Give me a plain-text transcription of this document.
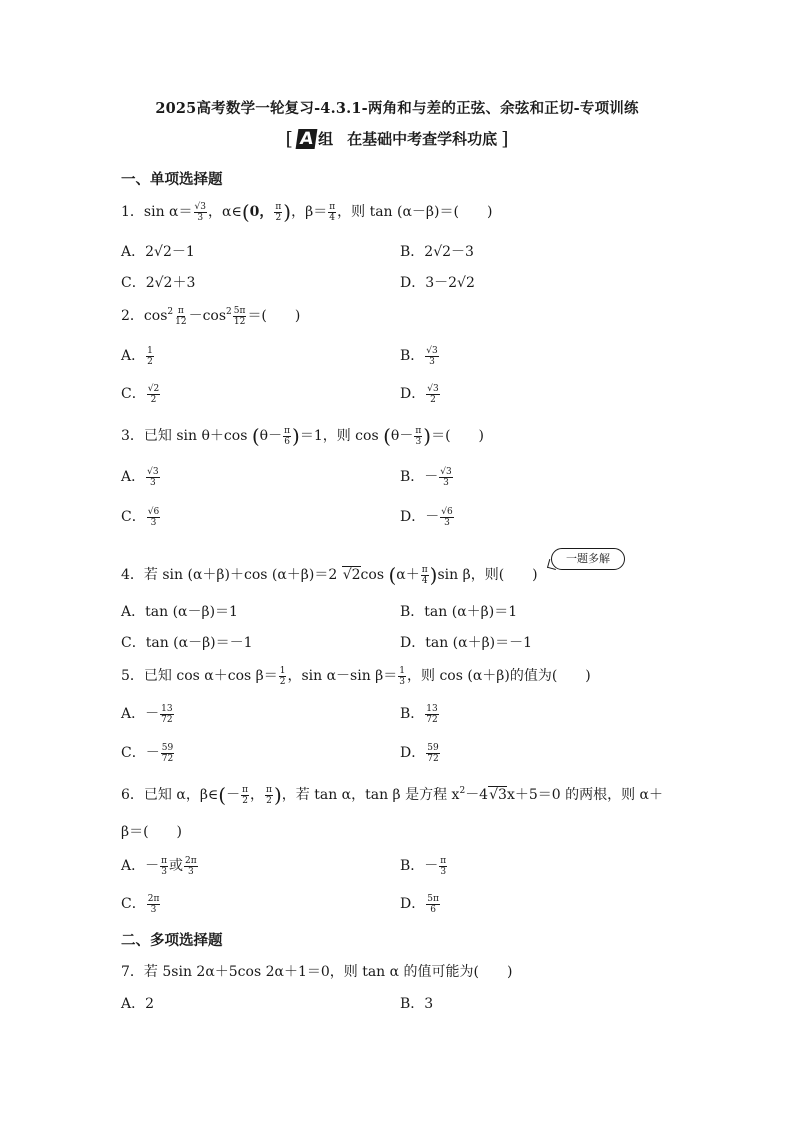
2025高考数学一轮复习-4.3.1-两角和与差的正弦、余弦和正切-专项训练
[ A 组 在基础中考查学科功底 ]
一、单项选择题
1．$\sin \alpha= \frac{√3}{3}$ ，α∈(0， $\frac{\pi}{2}$ )，$\beta= \frac{\pi}{4}$ ，则 tan (α－β)＝(　　)
A．2√2－1	B．2√2－3
C．2√2＋3	D．3－2√2
2．$\cos^2 \frac{\pi}{12} -\cos^2 \frac{5\pi}{12}$ ＝(　　)
A． $\frac{1}{2}$	B． $\frac{√3}{3}$
C． $\frac{√2}{2}$	D． $\frac{√3}{2}$
3．已知 sin θ＋cos $(\theta- \frac{\pi}{6} )=1$，则 $\cos (\theta- \frac{\pi}{3}$ )＝(　　)
A． $\frac{√3}{3}$	B．－ $\frac{√3}{3}$
C． $\frac{√6}{3}$	D．－ $\frac{√6}{3}$
一题多解
4．若 sin (α＋β)＋cos (α＋β)＝2 √2cos $(\alpha+ \frac{\pi}{4} )\sin$ β，则(　　)
A．tan (α－β)＝1	B．tan (α＋β)＝1
C．tan (α－β)＝－1	D．tan (α＋β)＝－1
5．已知 cos α＋cos $\beta= \frac{1}{2}$ ，sin α－sin $\beta= \frac{1}{3}$ ，则 cos (α＋β)的值为(　　)
A．－ $\frac{13}{72}$	B． $\frac{13}{72}$
C．－ $\frac{59}{72}$	D． $\frac{59}{72}$
6．已知 α，β∈(－ $\frac{\pi}{2}$ ， $\frac{\pi}{2}$ )，若 tan α，tan β 是方程 $x^2-4√3x+5=0$ 的两根，则 α＋
β＝(　　)
A．－ $\frac{\pi}{3}$ 或 $\frac{2\pi}{3}$	B．－ $\frac{\pi}{3}$
C． $\frac{2\pi}{3}$	D． $\frac{5\pi}{6}$
二、多项选择题
7．若 5sin 2α＋5cos 2α＋1＝0，则 tan α 的值可能为(　　)
A．2	B．3
